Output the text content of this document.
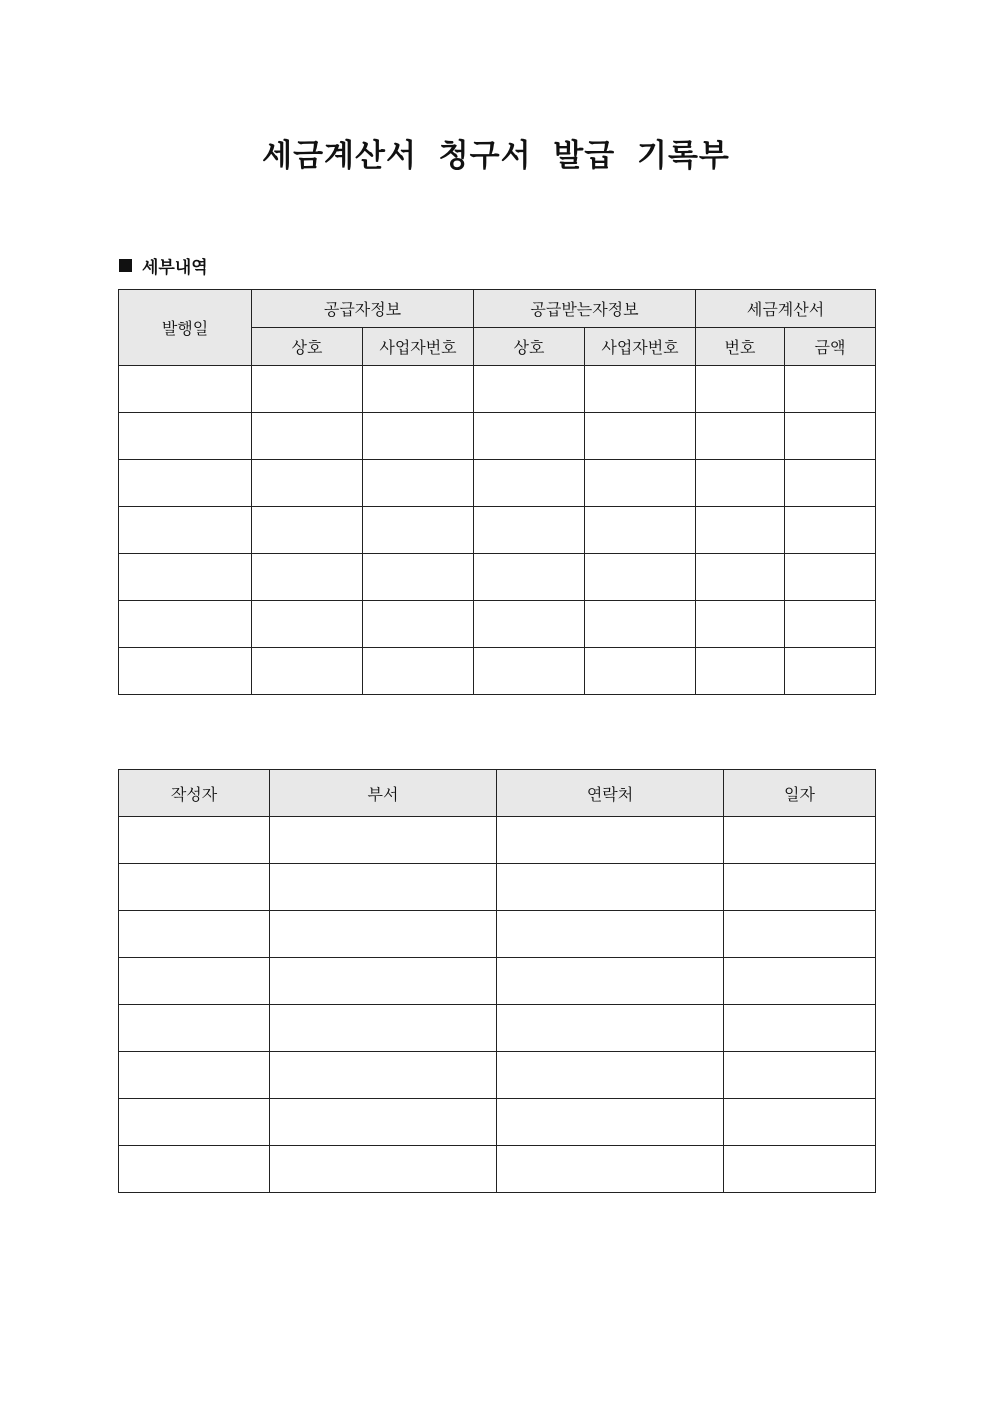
세금계산서 청구서 발급 기록부
세부내역
발행일	공급자정보		공급받는자정보		세금계산서	
	상호	사업자번호	상호	사업자번호	번호	금액

작성자	부서	연락처	일자
